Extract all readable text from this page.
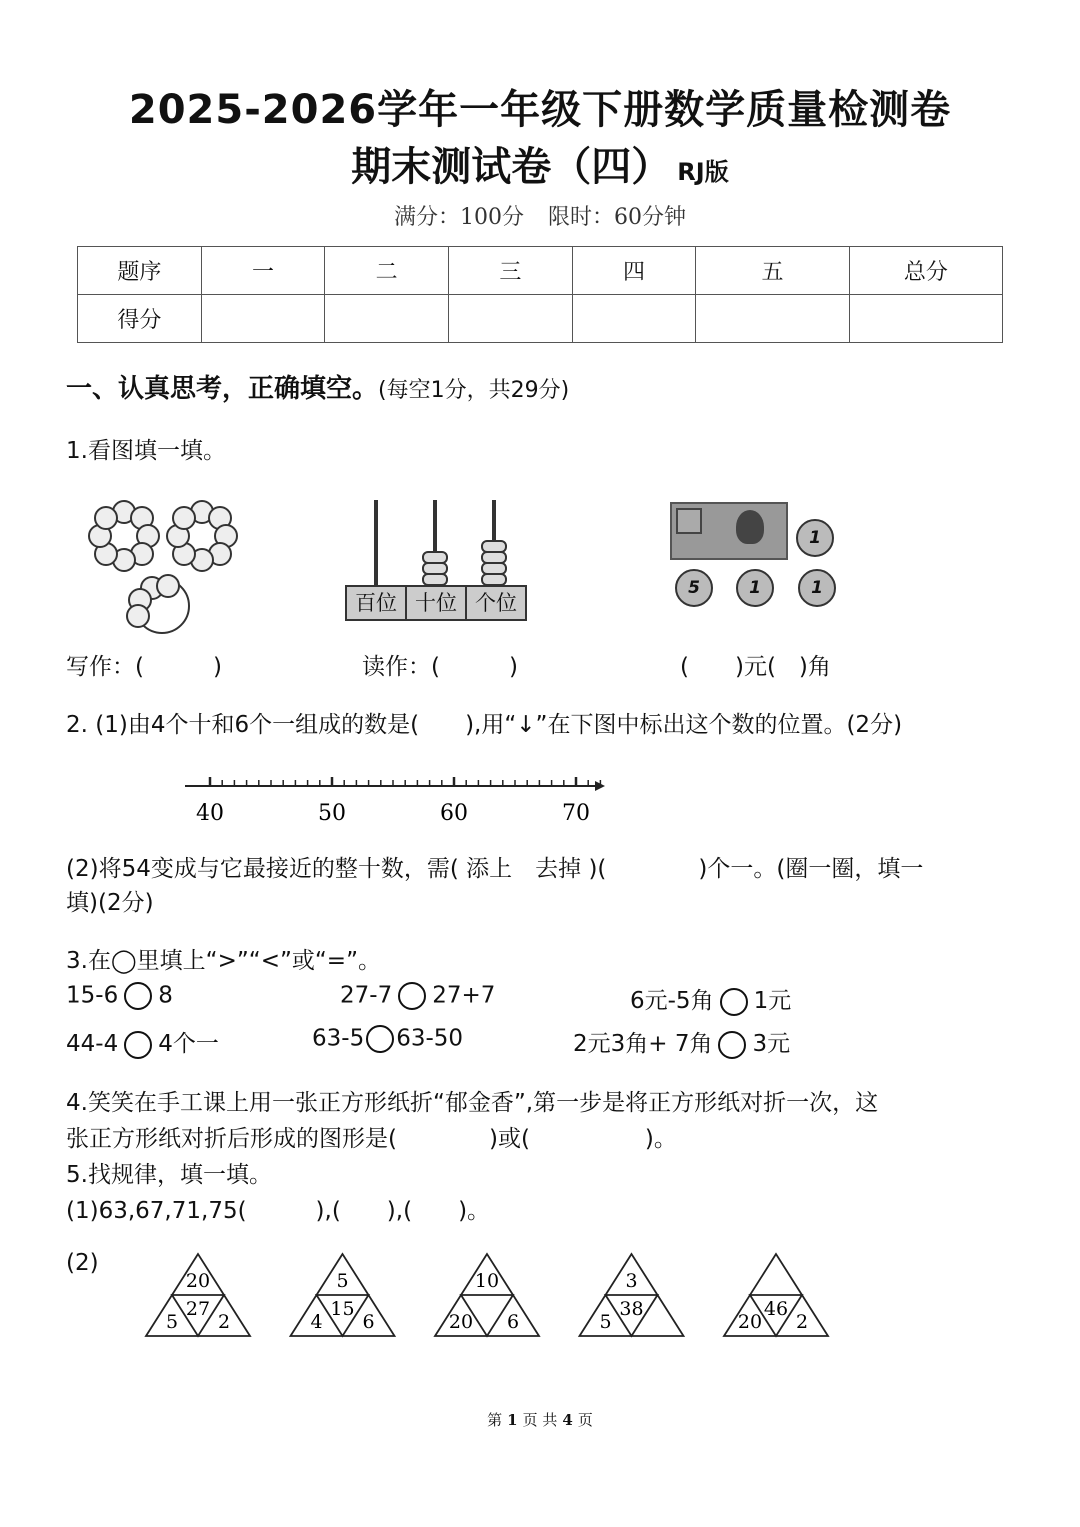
2025-2026学年一年级下册数学质量检测卷
期末测试卷（四） RJ版
满分：100分 限时：60分钟
题序	一	二	三	四	五	总分
得分						
一、认真思考，正确填空。(每空1分，共29分)
1.看图填一填。
百位 十位 个位
1
5	1	1
写作：(　　　)	读作：(　　　)	(　　)元(　)角
2. (1)由4个十和6个一组成的数是(　　),用“↓”在下图中标出这个数的位置。(2分)
40	50	60	70
(2)将54变成与它最接近的整十数，需( 添上　去掉 )(　　　　)个一。(圈一圈，填一
填)(2分)
3.在◯里填上“>”“<”或“=”。
15-6 8	27-7 27+7	6元-5角 1元
44-4 4个一	63-5 63-50	2元3角+ 7角 3元
4.笑笑在手工课上用一张正方形纸折“郁金香”,第一步是将正方形纸对折一次，这
张正方形纸对折后形成的图形是(　　　　)或(　　　　　)。
5.找规律，填一填。
(1)63,67,71,75(　　　),(　　),(　　)。
(2)
20
27
5 2
5
15
4 6
10
20 6
3
38
5
46
20 2
第 1 页 共 4 页
